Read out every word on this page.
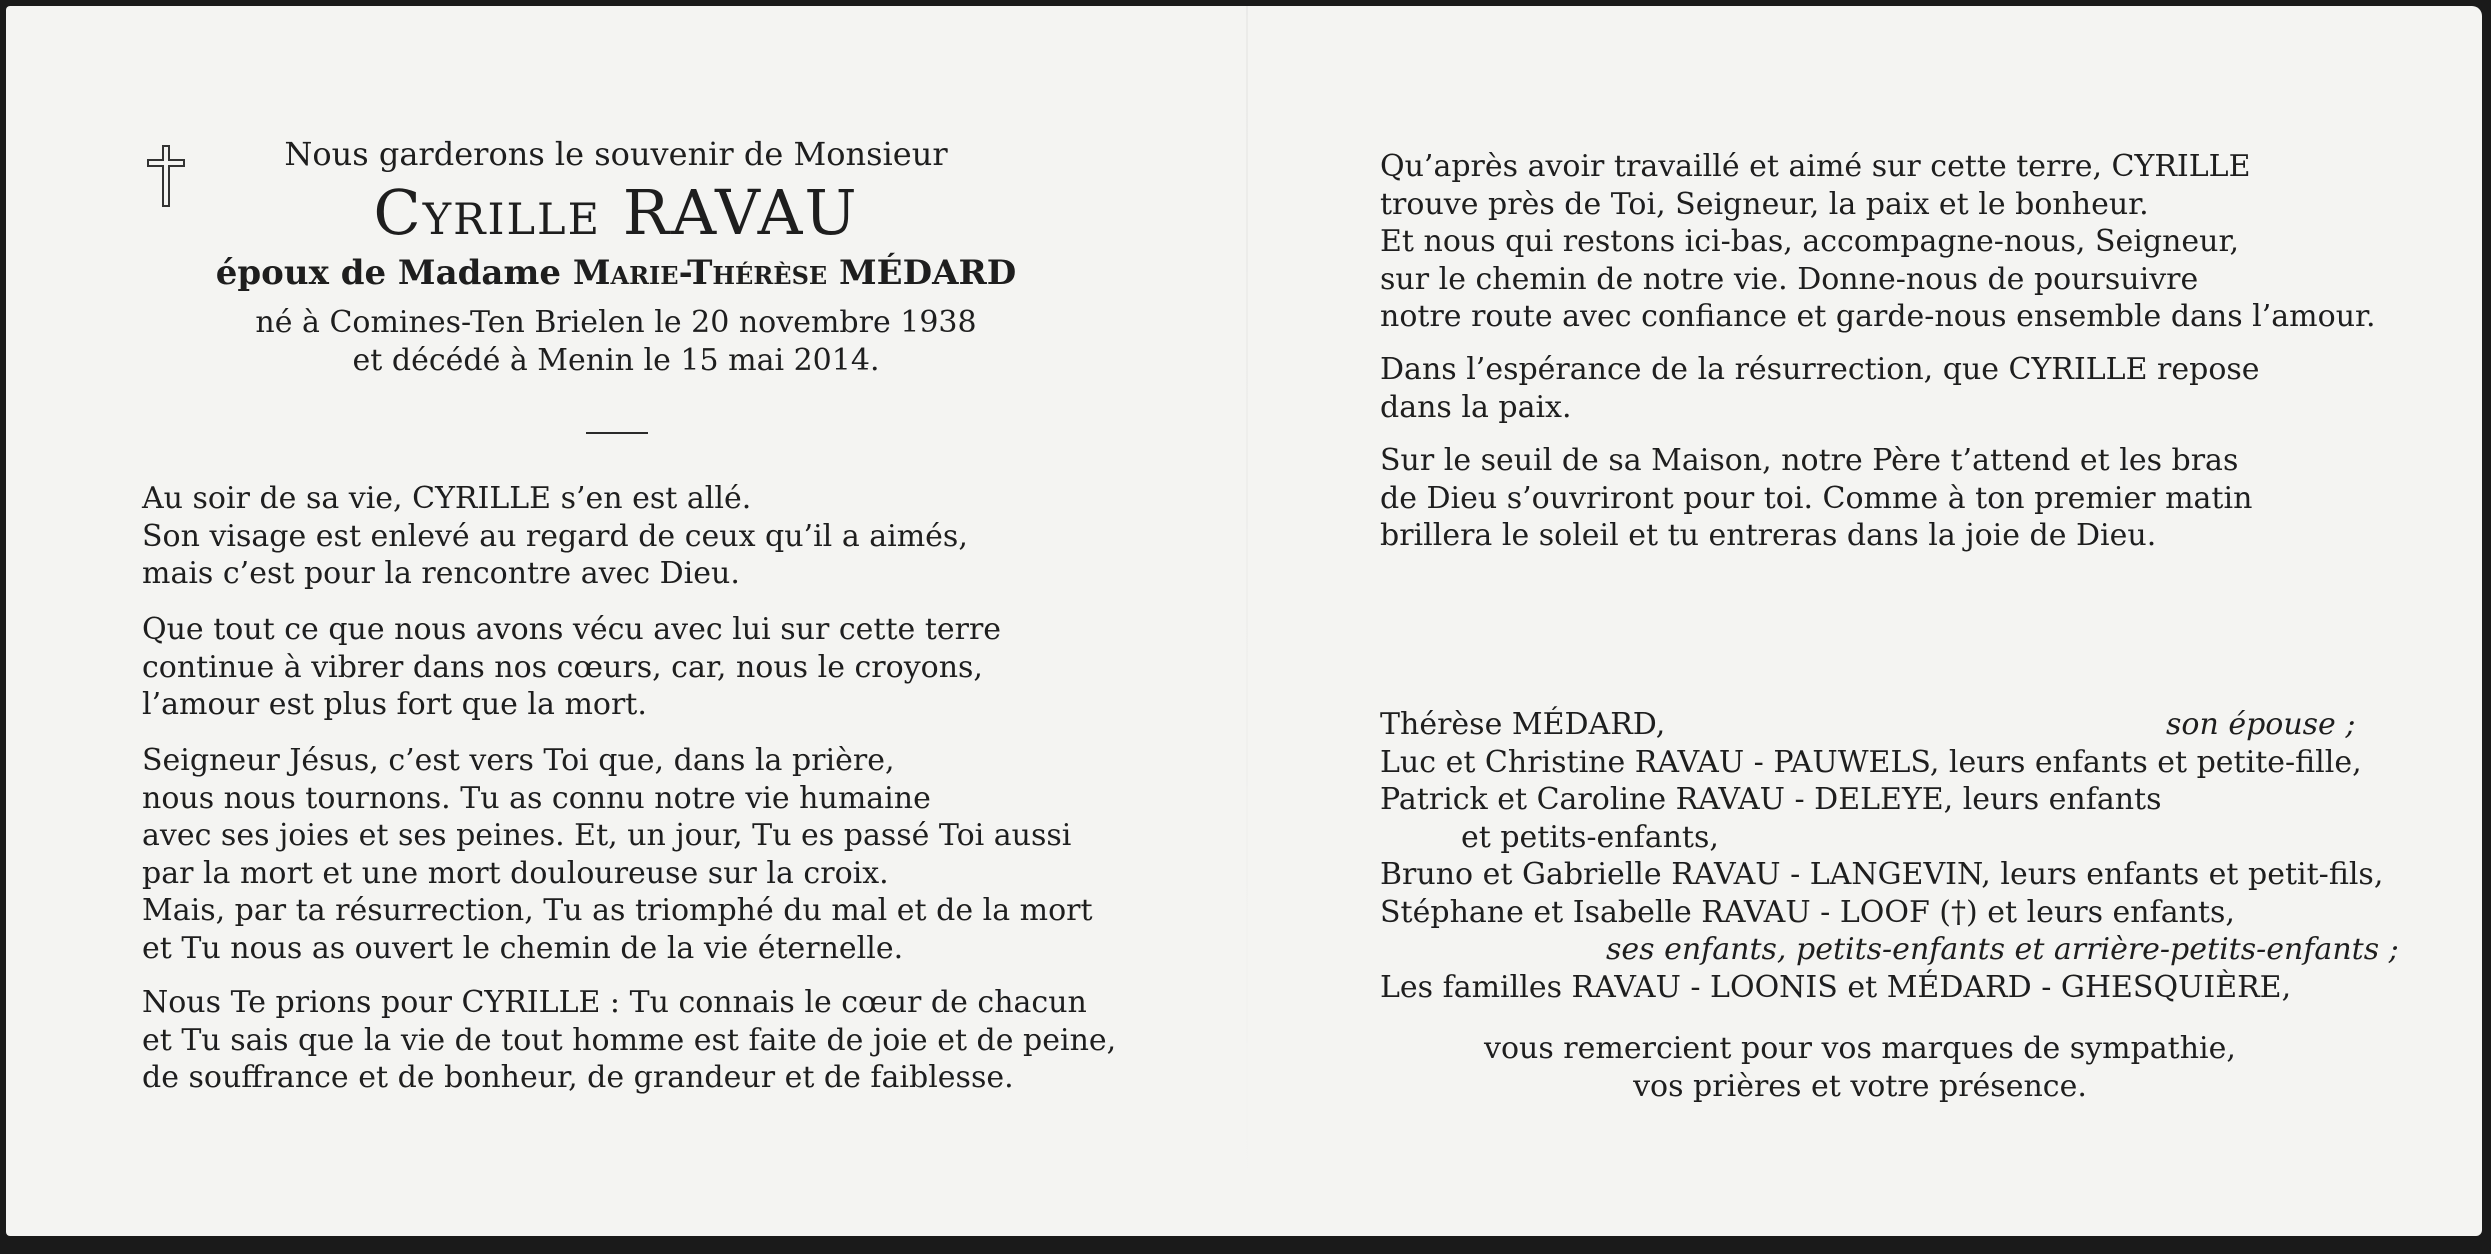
Nous garderons le souvenir de Monsieur

Cyrille RAVAU
époux de Madame Marie-Thérèse MÉDARD

né à Comines-Ten Brielen le 20 novembre 1938

et décédé à Menin le 15 mai 2014.

Au soir de sa vie, CYRILLE s’en est allé.
Son visage est enlevé au regard de ceux qu’il a aimés,
mais c’est pour la rencontre avec Dieu.

Que tout ce que nous avons vécu avec lui sur cette terre
continue à vibrer dans nos cœurs, car, nous le croyons,
l’amour est plus fort que la mort.

Seigneur Jésus, c’est vers Toi que, dans la prière,
nous nous tournons. Tu as connu notre vie humaine
avec ses joies et ses peines. Et, un jour, Tu es passé Toi aussi
par la mort et une mort douloureuse sur la croix.
Mais, par ta résurrection, Tu as triomphé du mal et de la mort
et Tu nous as ouvert le chemin de la vie éternelle.

Nous Te prions pour CYRILLE : Tu connais le cœur de chacun
et Tu sais que la vie de tout homme est faite de joie et de peine,
de souffrance et de bonheur, de grandeur et de faiblesse.

Qu’après avoir travaillé et aimé sur cette terre, CYRILLE
trouve près de Toi, Seigneur, la paix et le bonheur.
Et nous qui restons ici-bas, accompagne-nous, Seigneur,
sur le chemin de notre vie. Donne-nous de poursuivre
notre route avec confiance et garde-nous ensemble dans l’amour.

Dans l’espérance de la résurrection, que CYRILLE repose
dans la paix.

Sur le seuil de sa Maison, notre Père t’attend et les bras
de Dieu s’ouvriront pour toi. Comme à ton premier matin
brillera le soleil et tu entreras dans la joie de Dieu.

Thérèse MÉDARD,	son épouse ;
Luc et Christine RAVAU - PAUWELS, leurs enfants et petite-fille,
Patrick et Caroline RAVAU - DELEYE, leurs enfants
et petits-enfants,
Bruno et Gabrielle RAVAU - LANGEVIN, leurs enfants et petit-fils,
Stéphane et Isabelle RAVAU - LOOF (†) et leurs enfants,
ses enfants, petits-enfants et arrière-petits-enfants ;
Les familles RAVAU - LOONIS et MÉDARD - GHESQUIÈRE,

vous remercient pour vos marques de sympathie,

vos prières et votre présence.
